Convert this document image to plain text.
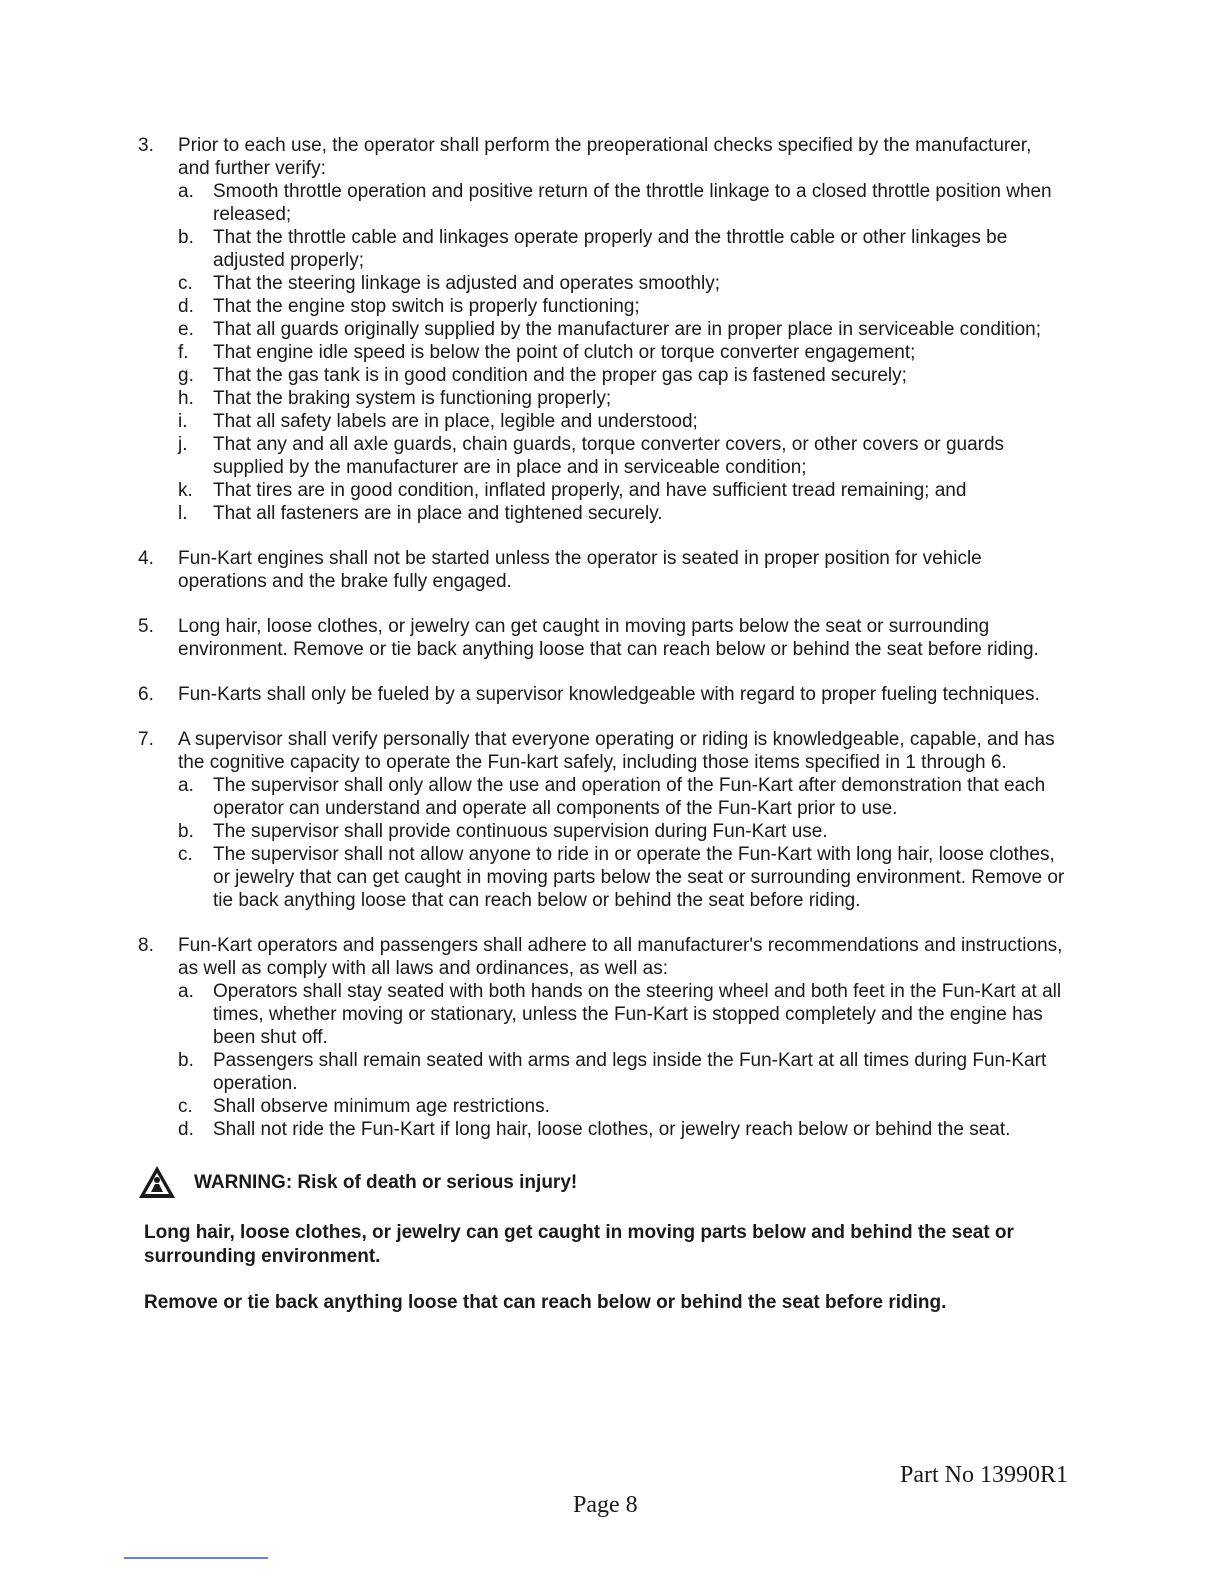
3.	Prior to each use, the operator shall perform the preoperational checks specified by the manufacturer, and further verify:
a.	Smooth throttle operation and positive return of the throttle linkage to a closed throttle position when released;
b.	That the throttle cable and linkages operate properly and the throttle cable or other linkages be adjusted properly;
c.	That the steering linkage is adjusted and operates smoothly;
d.	That the engine stop switch is properly functioning;
e.	That all guards originally supplied by the manufacturer are in proper place in serviceable condition;
f.	That engine idle speed is below the point of clutch or torque converter engagement;
g.	That the gas tank is in good condition and the proper gas cap is fastened securely;
h.	That the braking system is functioning properly;
i.	That all safety labels are in place, legible and understood;
j.	That any and all axle guards, chain guards, torque converter covers, or other covers or guards supplied by the manufacturer are in place and in serviceable condition;
k.	That tires are in good condition, inflated properly, and have sufficient tread remaining; and
l.	That all fasteners are in place and tightened securely.
4.	Fun-Kart engines shall not be started unless the operator is seated in proper position for vehicle operations and the brake fully engaged.
5.	Long hair, loose clothes, or jewelry can get caught in moving parts below the seat or surrounding environment. Remove or tie back anything loose that can reach below or behind the seat before riding.
6.	Fun-Karts shall only be fueled by a supervisor knowledgeable with regard to proper fueling techniques.
7.	A supervisor shall verify personally that everyone operating or riding is knowledgeable, capable, and has the cognitive capacity to operate the Fun-kart safely, including those items specified in 1 through 6.
a.	The supervisor shall only allow the use and operation of the Fun-Kart after demonstration that each operator can understand and operate all components of the Fun-Kart prior to use.
b.	The supervisor shall provide continuous supervision during Fun-Kart use.
c.	The supervisor shall not allow anyone to ride in or operate the Fun-Kart with long hair, loose clothes, or jewelry that can get caught in moving parts below the seat or surrounding environment. Remove or tie back anything loose that can reach below or behind the seat before riding.
8.	Fun-Kart operators and passengers shall adhere to all manufacturer's recommendations and instructions, as well as comply with all laws and ordinances, as well as:
a.	Operators shall stay seated with both hands on the steering wheel and both feet in the Fun-Kart at all times, whether moving or stationary, unless the Fun-Kart is stopped completely and the engine has been shut off.
b.	Passengers shall remain seated with arms and legs inside the Fun-Kart at all times during Fun-Kart operation.
c.	Shall observe minimum age restrictions.
d.	Shall not ride the Fun-Kart if long hair, loose clothes, or jewelry reach below or behind the seat.
WARNING: Risk of death or serious injury!
Long hair, loose clothes, or jewelry can get caught in moving parts below and behind the seat or surrounding environment.
Remove or tie back anything loose that can reach below or behind the seat before riding.
Part No 13990R1
Page 8
